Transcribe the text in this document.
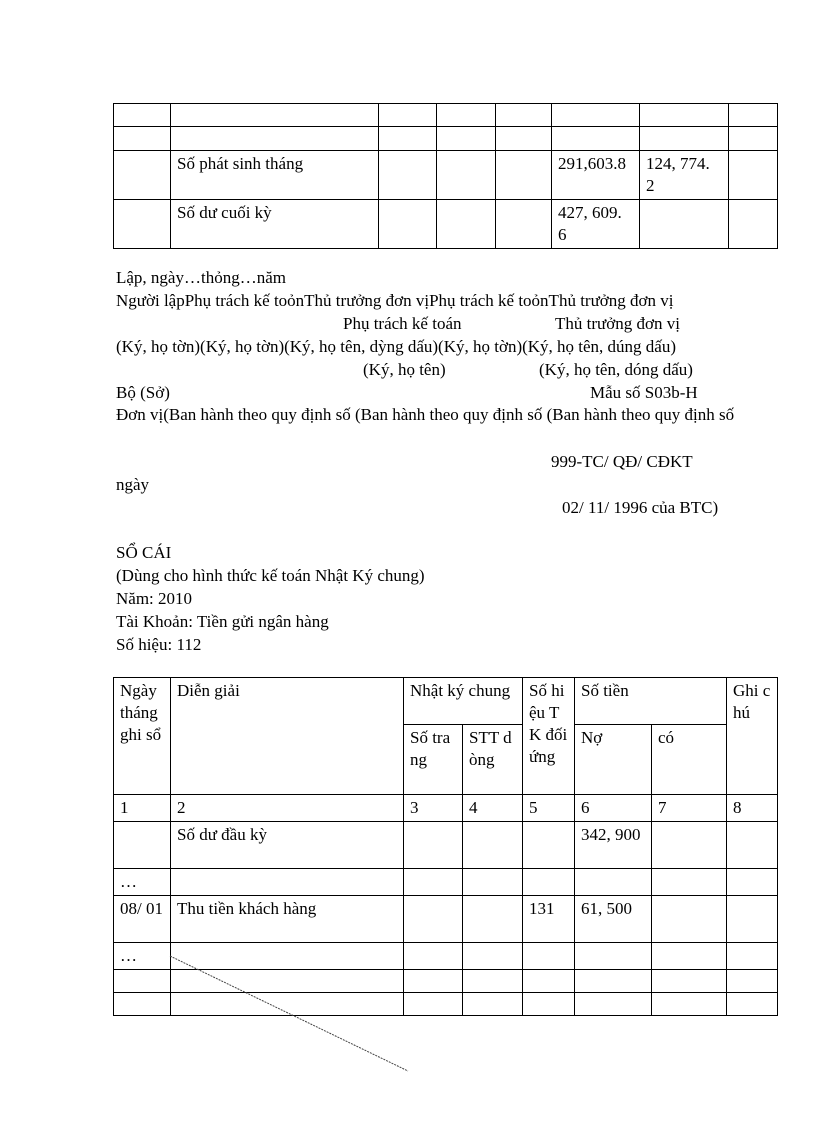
	Số phát sinh tháng				291,603.8	124, 774. 2	
	Số dư cuối kỳ				427, 609. 6		
Lập, ngày…thỏng…năm
Người lậpPhụ trách kế toỏnThủ trưởng đơn vịPhụ trách kế toỏnThủ trưởng đơn vị
Phụ trách kế toán	Thủ trưởng đơn vị
(Ký, họ tờn)(Ký, họ tờn)(Ký, họ tên, dỳng dấu)(Ký, họ tờn)(Ký, họ tên, dúng dấu)
(Ký, họ tên)	(Ký, họ tên, dóng dấu)
Bộ (Sở)	Mẫu số S03b-H
Đơn vị(Ban hành theo quy định số (Ban hành theo quy định số (Ban hành theo quy định số
999-TC/ QĐ/ CĐKT
ngày
02/ 11/ 1996 của BTC)
SỔ CÁI
(Dùng cho hình thức kế toán Nhật Ký chung)
Năm: 2010
Tài Khoản: Tiền gửi ngân hàng
Số hiệu: 112
Ngày tháng ghi sổ	Diễn giải	Nhật ký chung		Số hiệu TK đối ứng	Số tiền		Ghi chú
		Số trang	STT dòng		Nợ	có	
1	2	3	4	5	6	7	8
	Số dư đầu kỳ				342, 900		
…							
08/ 01	Thu tiền khách hàng			131	61, 500		
…							
